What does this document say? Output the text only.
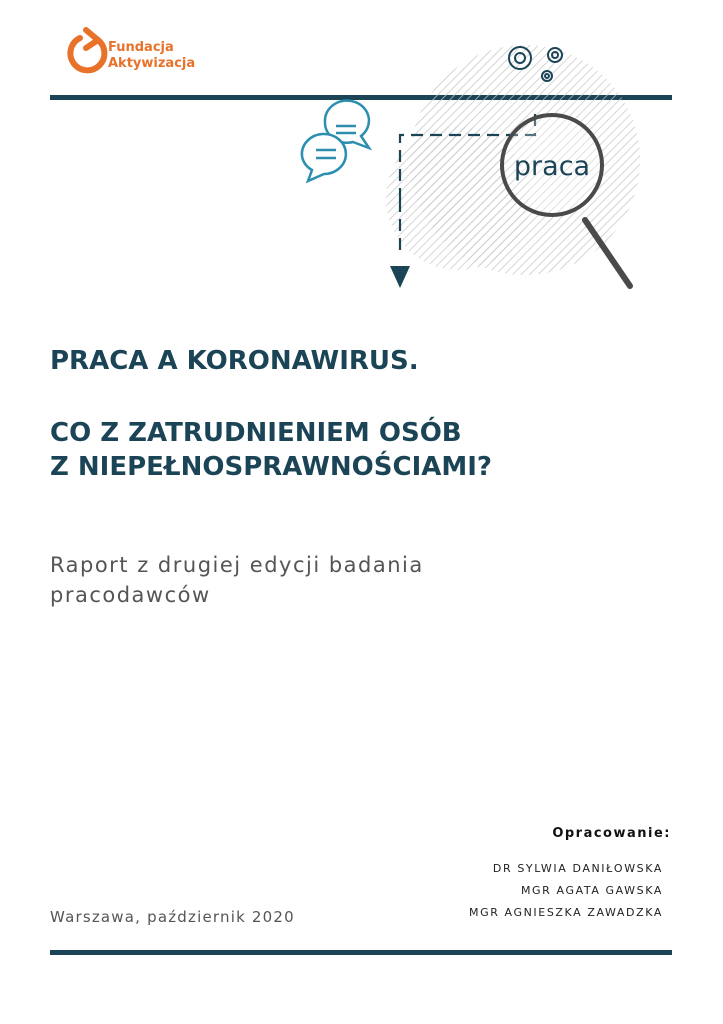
Fundacja
Aktywizacja
praca
PRACA A KORONAWIRUS.
CO Z ZATRUDNIENIEM OSÓB
Z NIEPEŁNOSPRAWNOŚCIAMI?
Raport z drugiej edycji badania
pracodawców
Opracowanie:
DR SYLWIA DANIŁOWSKA
MGR AGATA GAWSKA
MGR AGNIESZKA ZAWADZKA
Warszawa, październik 2020
